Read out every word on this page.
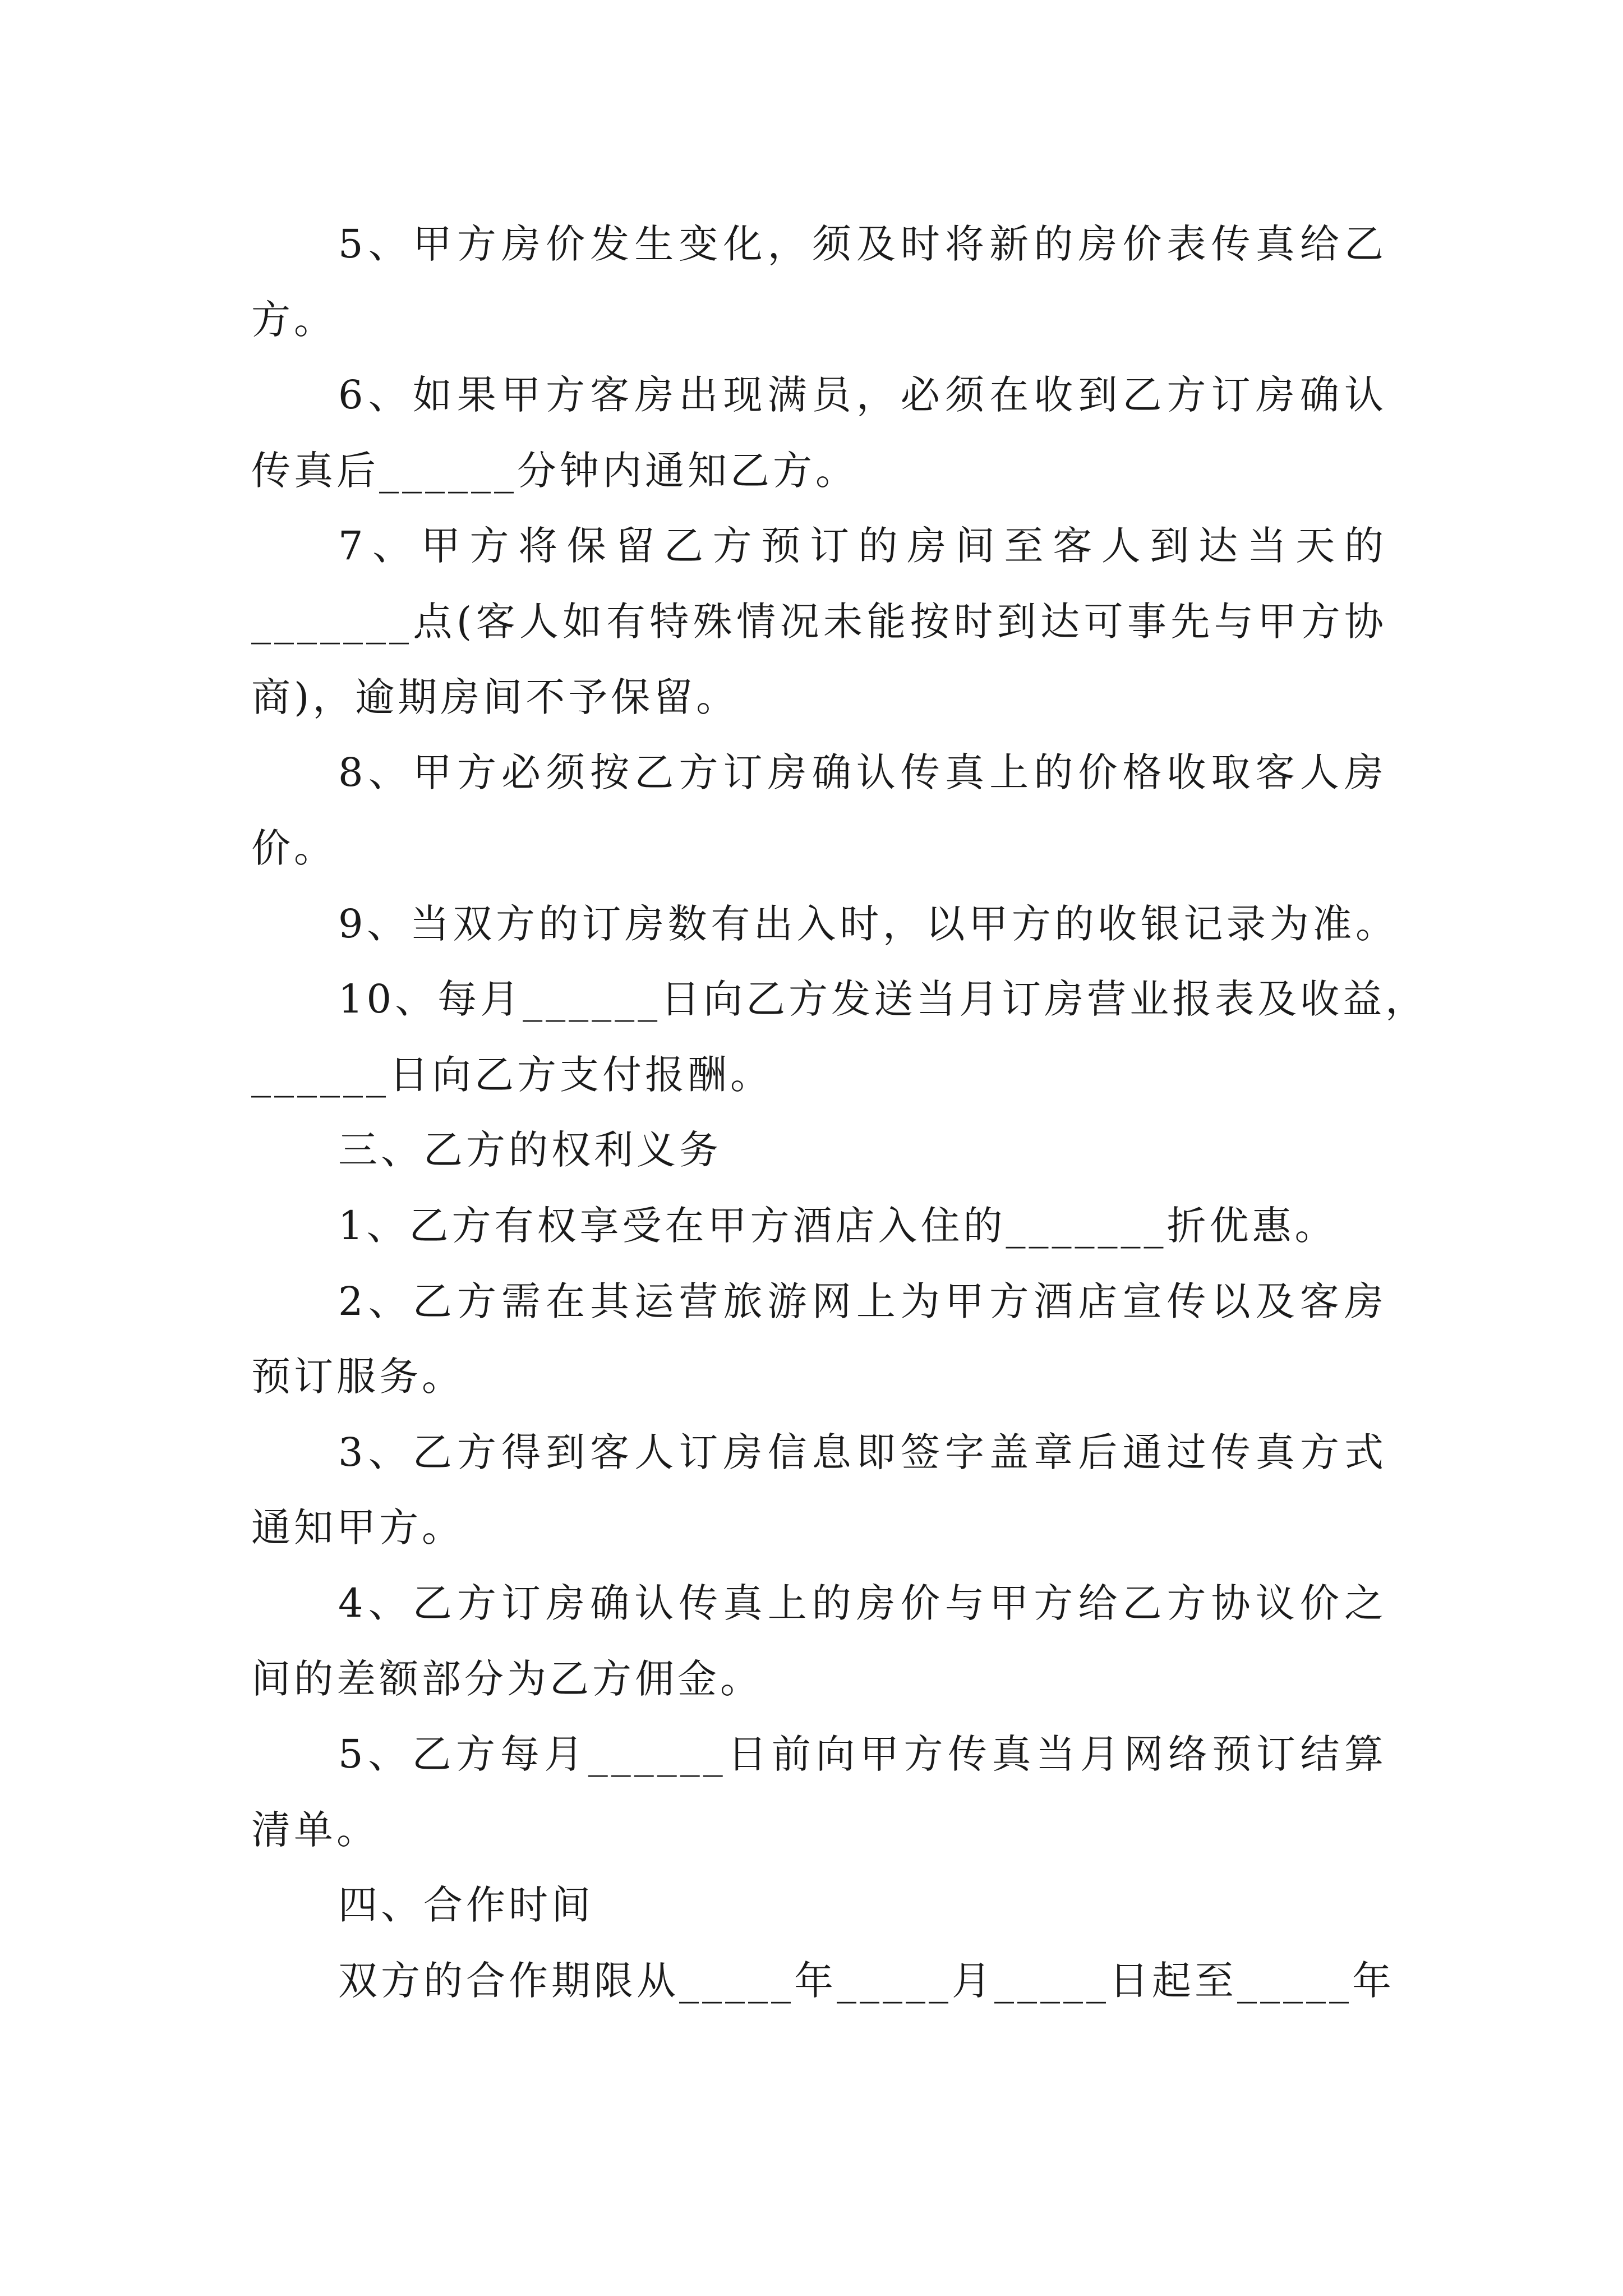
5、甲方房价发生变化，须及时将新的房价表传真给乙
方。
6、如果甲方客房出现满员，必须在收到乙方订房确认
传真后______分钟内通知乙方。
7、甲方将保留乙方预订的房间至客人到达当天的
_______点(客人如有特殊情况未能按时到达可事先与甲方协
商)，逾期房间不予保留。
8、甲方必须按乙方订房确认传真上的价格收取客人房
价。
9、当双方的订房数有出入时，以甲方的收银记录为准。
10、每月______日向乙方发送当月订房营业报表及收益，
______日向乙方支付报酬。
三、乙方的权利义务
1、乙方有权享受在甲方酒店入住的_______折优惠。
2、乙方需在其运营旅游网上为甲方酒店宣传以及客房
预订服务。
3、乙方得到客人订房信息即签字盖章后通过传真方式
通知甲方。
4、乙方订房确认传真上的房价与甲方给乙方协议价之
间的差额部分为乙方佣金。
5、乙方每月______日前向甲方传真当月网络预订结算
清单。
四、合作时间
双方的合作期限从_____年_____月_____日起至_____年
